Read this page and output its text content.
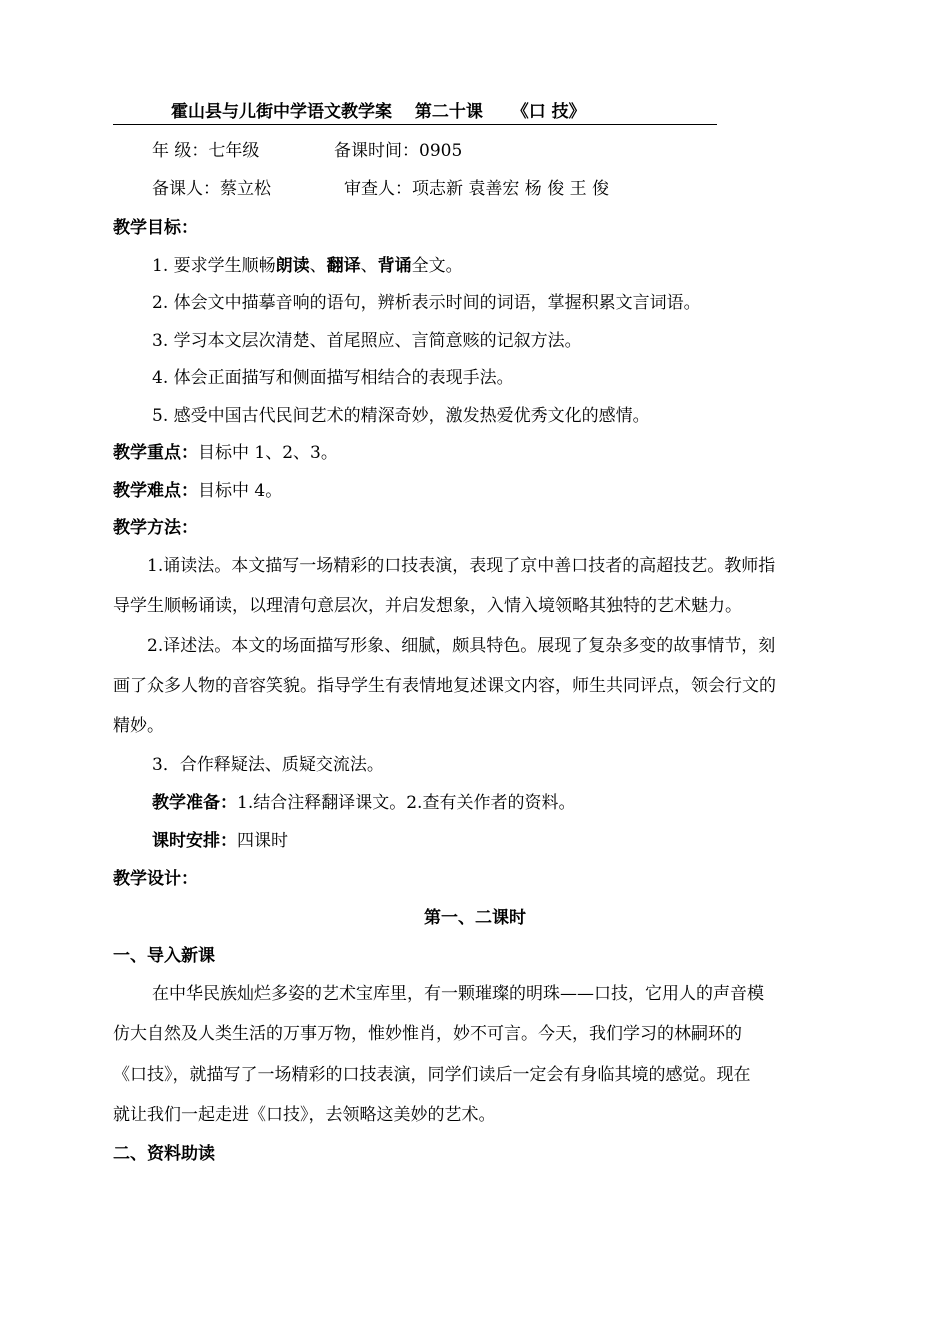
霍山县与儿街中学语文教学案　 第二十课 　 《口 技》
年 级：七年级	备课时间：0905
备课人：蔡立松	审查人：项志新 袁善宏 杨 俊 王 俊
教学目标：
1. 要求学生顺畅朗读、翻译、背诵全文。
2. 体会文中描摹音响的语句，辨析表示时间的词语，掌握积累文言词语。
3. 学习本文层次清楚、首尾照应、言简意赅的记叙方法。
4. 体会正面描写和侧面描写相结合的表现手法。
5. 感受中国古代民间艺术的精深奇妙，激发热爱优秀文化的感情。
教学重点：目标中 1、2、3。
教学难点：目标中 4。
教学方法：
1.诵读法。本文描写一场精彩的口技表演，表现了京中善口技者的高超技艺。教师指
导学生顺畅诵读，以理清句意层次，并启发想象，入情入境领略其独特的艺术魅力。
2.译述法。本文的场面描写形象、细腻，颇具特色。展现了复杂多变的故事情节，刻
画了众多人物的音容笑貌。指导学生有表情地复述课文内容，师生共同评点，领会行文的
精妙。
3．合作释疑法、质疑交流法。
教学准备：1.结合注释翻译课文。2.查有关作者的资料。
课时安排：四课时
教学设计：
第一、二课时
一、导入新课
在中华民族灿烂多姿的艺术宝库里，有一颗璀璨的明珠——口技，它用人的声音模
仿大自然及人类生活的万事万物，惟妙惟肖，妙不可言。今天，我们学习的林嗣环的
《口技》，就描写了一场精彩的口技表演，同学们读后一定会有身临其境的感觉。现在
就让我们一起走进《口技》，去领略这美妙的艺术。
二、资料助读
